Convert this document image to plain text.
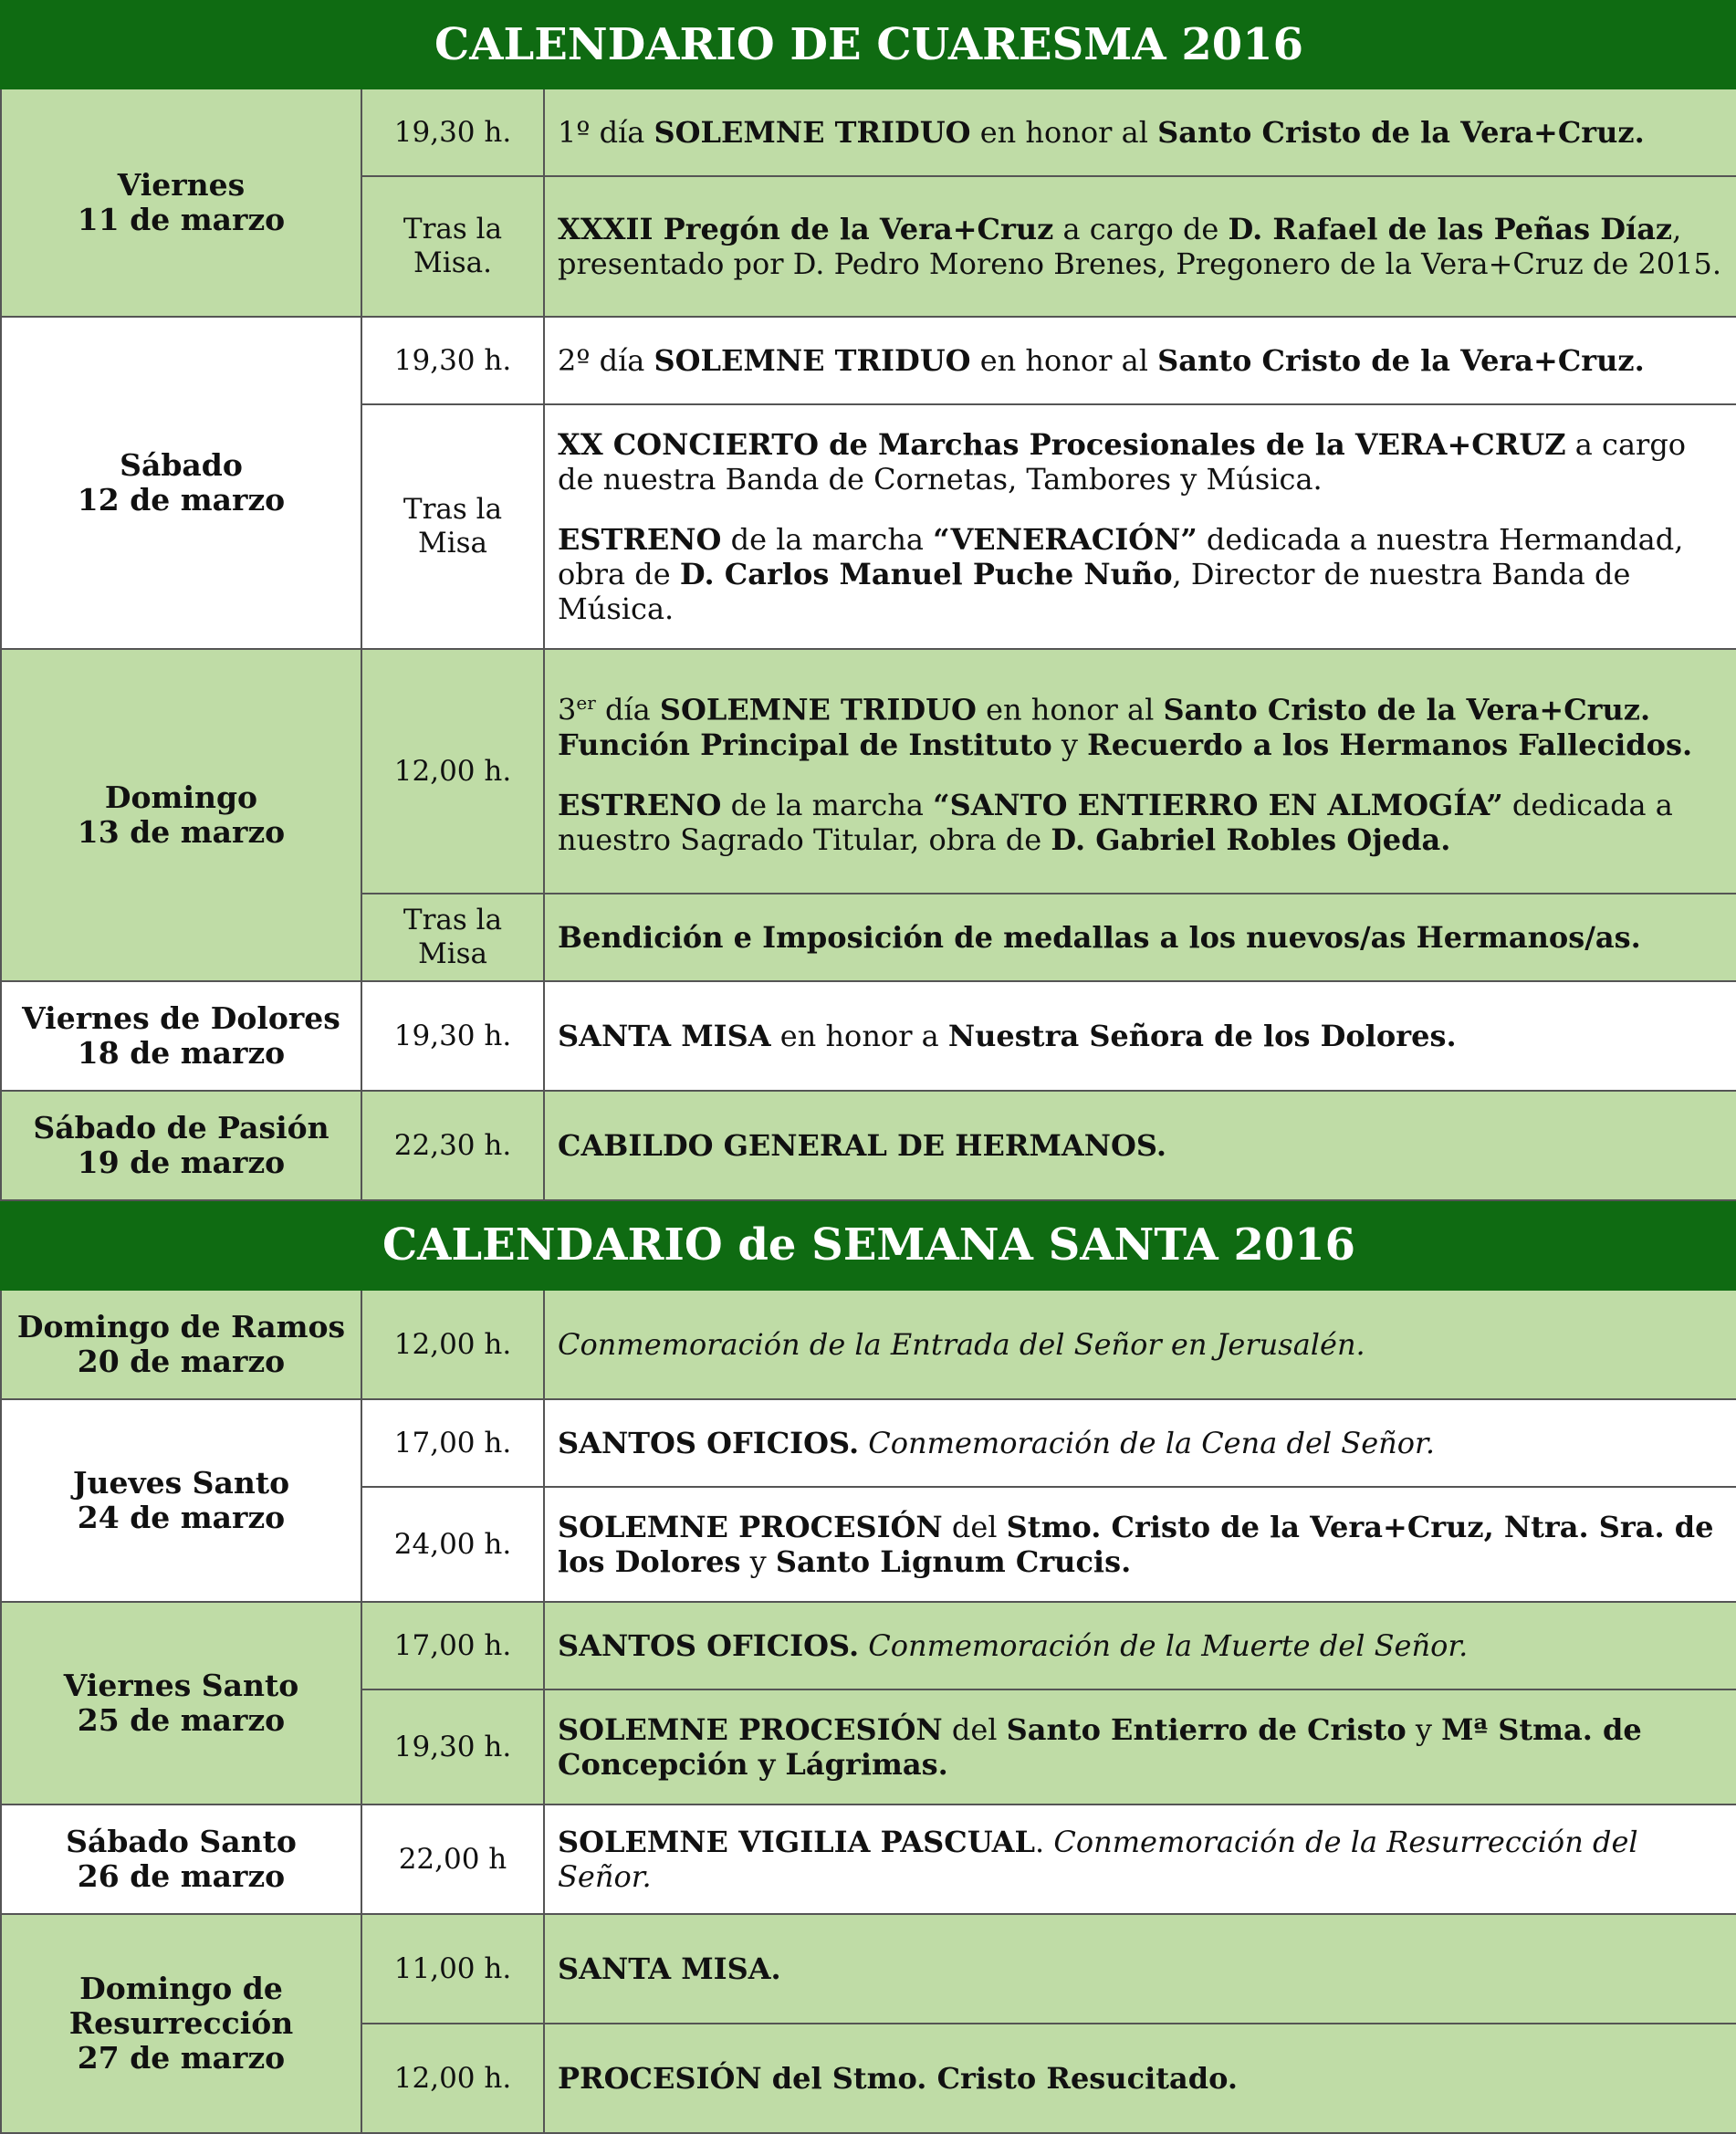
CALENDARIO DE CUARESMA 2016		
Viernes
11 de marzo	19,30 h.	1º día SOLEMNE TRIDUO en honor al Santo Cristo de la Vera+Cruz.

	Tras la
Misa.	XXXII Pregón de la Vera+Cruz a cargo de D. Rafael de las Peñas Díaz, presentado por D. Pedro Moreno Brenes, Pregonero de la Vera+Cruz de 2015.

Sábado
12 de marzo	19,30 h.	2º día SOLEMNE TRIDUO en honor al Santo Cristo de la Vera+Cruz.

	Tras la
Misa	XX CONCIERTO de Marchas Procesionales de la VERA+CRUZ a cargo de nuestra Banda de Cornetas, Tambores y Música.
ESTRENO de la marcha “VENERACIÓN” dedicada a nuestra Hermandad, obra de D. Carlos Manuel Puche Nuño, Director de nuestra Banda de Música.

Domingo
13 de marzo	12,00 h.	3er día SOLEMNE TRIDUO en honor al Santo Cristo de la Vera+Cruz. Función Principal de Instituto y Recuerdo a los Hermanos Fallecidos.
ESTRENO de la marcha “SANTO ENTIERRO EN ALMOGÍA” dedicada a nuestro Sagrado Titular, obra de D. Gabriel Robles Ojeda.

	Tras la
Misa	Bendición e Imposición de medallas a los nuevos/as Hermanos/as.

Viernes de Dolores
18 de marzo	19,30 h.	SANTA MISA en honor a Nuestra Señora de los Dolores.

Sábado de Pasión
19 de marzo	22,30 h.	CABILDO GENERAL DE HERMANOS.

CALENDARIO de SEMANA SANTA 2016		
Domingo de Ramos
20 de marzo	12,00 h.	Conmemoración de la Entrada del Señor en Jerusalén.

Jueves Santo
24 de marzo	17,00 h.	SANTOS OFICIOS. Conmemoración de la Cena del Señor.

	24,00 h.	SOLEMNE PROCESIÓN del Stmo. Cristo de la Vera+Cruz, Ntra. Sra. de los Dolores y Santo Lignum Crucis.

Viernes Santo
25 de marzo	17,00 h.	SANTOS OFICIOS. Conmemoración de la Muerte del Señor.

	19,30 h.	SOLEMNE PROCESIÓN del Santo Entierro de Cristo y Mª Stma. de Concepción y Lágrimas.

Sábado Santo
26 de marzo	22,00 h	SOLEMNE VIGILIA PASCUAL. Conmemoración de la Resurrección del Señor.

Domingo de
Resurrección
27 de marzo	11,00 h.	SANTA MISA.

	12,00 h.	PROCESIÓN del Stmo. Cristo Resucitado.
